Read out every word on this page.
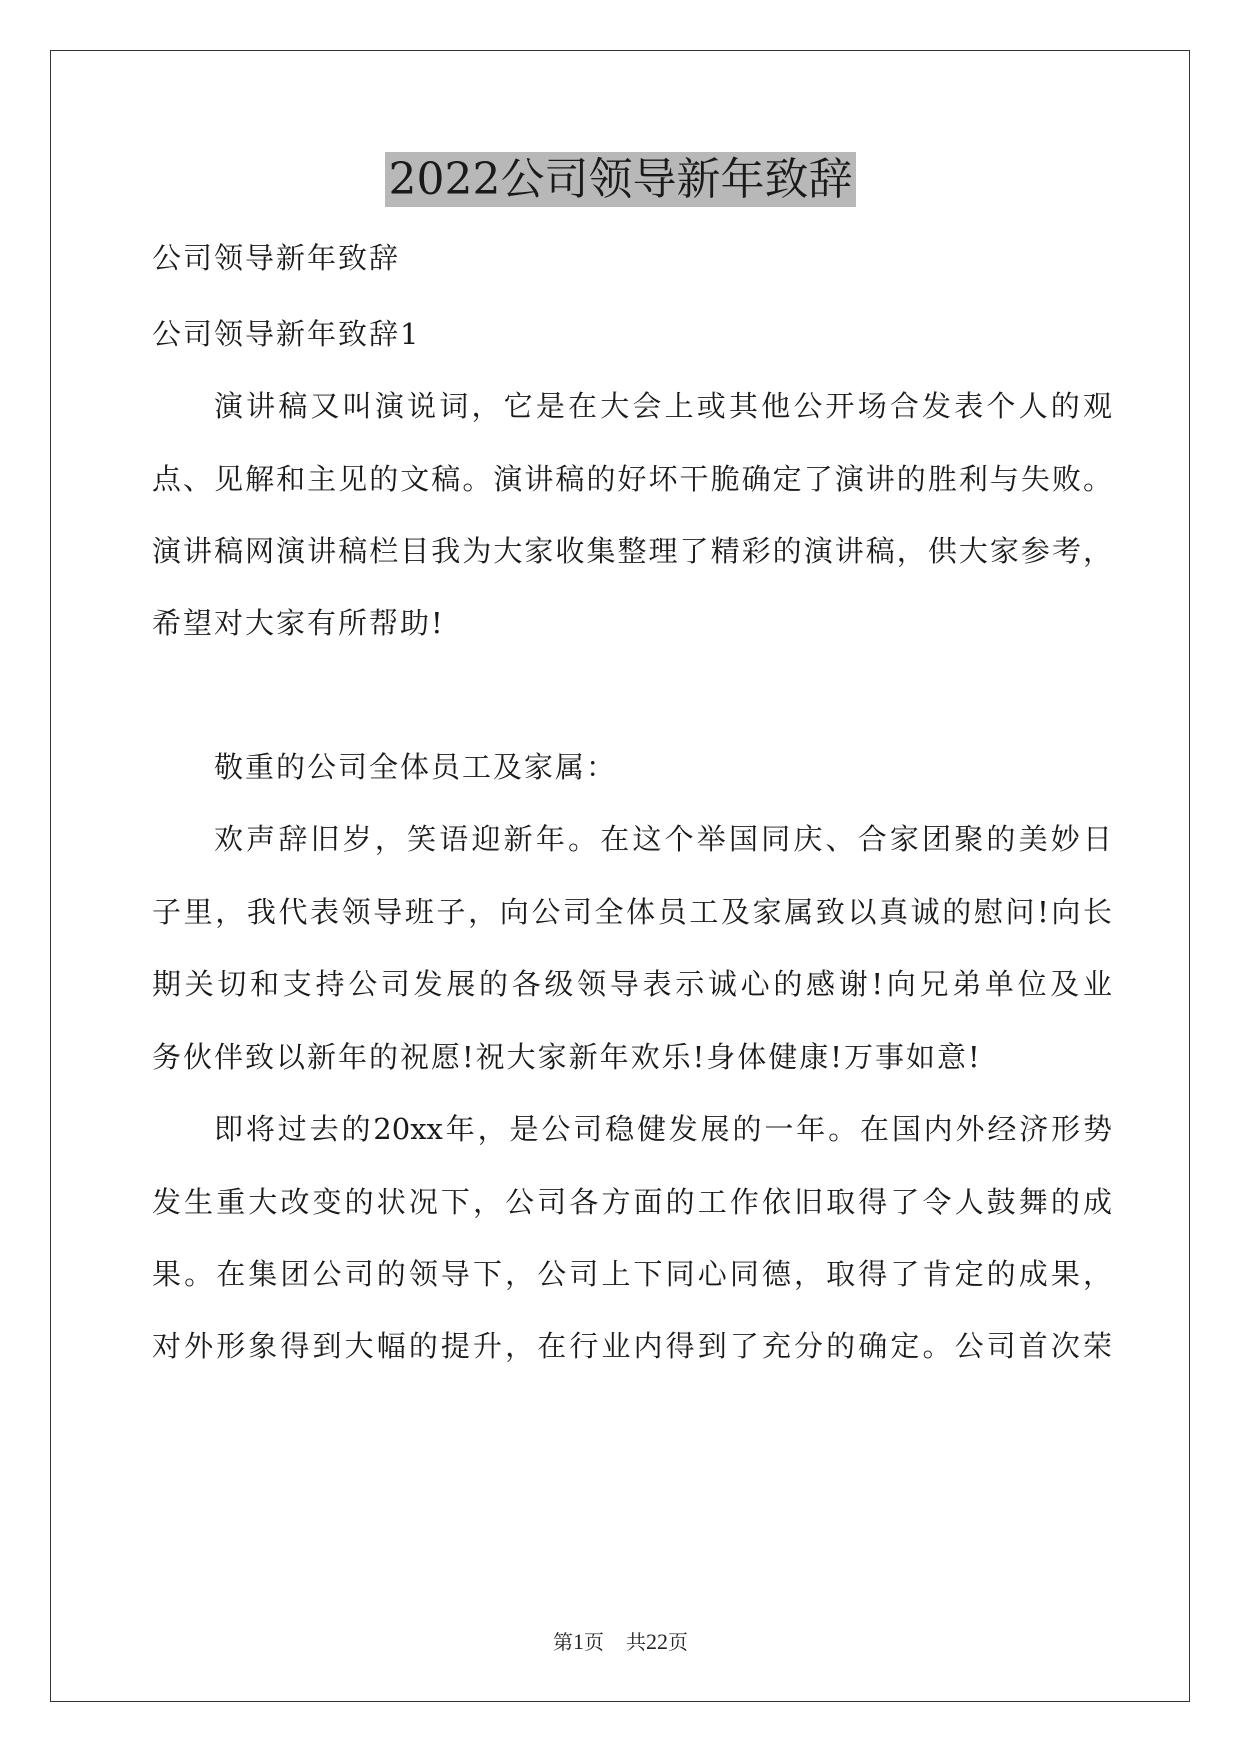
2022公司领导新年致辞

公司领导新年致辞

公司领导新年致辞1

演讲稿又叫演说词，它是在大会上或其他公开场合发表个人的观

点、见解和主见的文稿。演讲稿的好坏干脆确定了演讲的胜利与失败。

演讲稿网演讲稿栏目我为大家收集整理了精彩的演讲稿，供大家参考，

希望对大家有所帮助!

敬重的公司全体员工及家属：

欢声辞旧岁，笑语迎新年。在这个举国同庆、合家团聚的美妙日

子里，我代表领导班子，向公司全体员工及家属致以真诚的慰问!向长

期关切和支持公司发展的各级领导表示诚心的感谢!向兄弟单位及业

务伙伴致以新年的祝愿!祝大家新年欢乐!身体健康!万事如意!

即将过去的20xx年，是公司稳健发展的一年。在国内外经济形势

发生重大改变的状况下，公司各方面的工作依旧取得了令人鼓舞的成

果。在集团公司的领导下，公司上下同心同德，取得了肯定的成果，

对外形象得到大幅的提升，在行业内得到了充分的确定。公司首次荣

第1页 共22页
